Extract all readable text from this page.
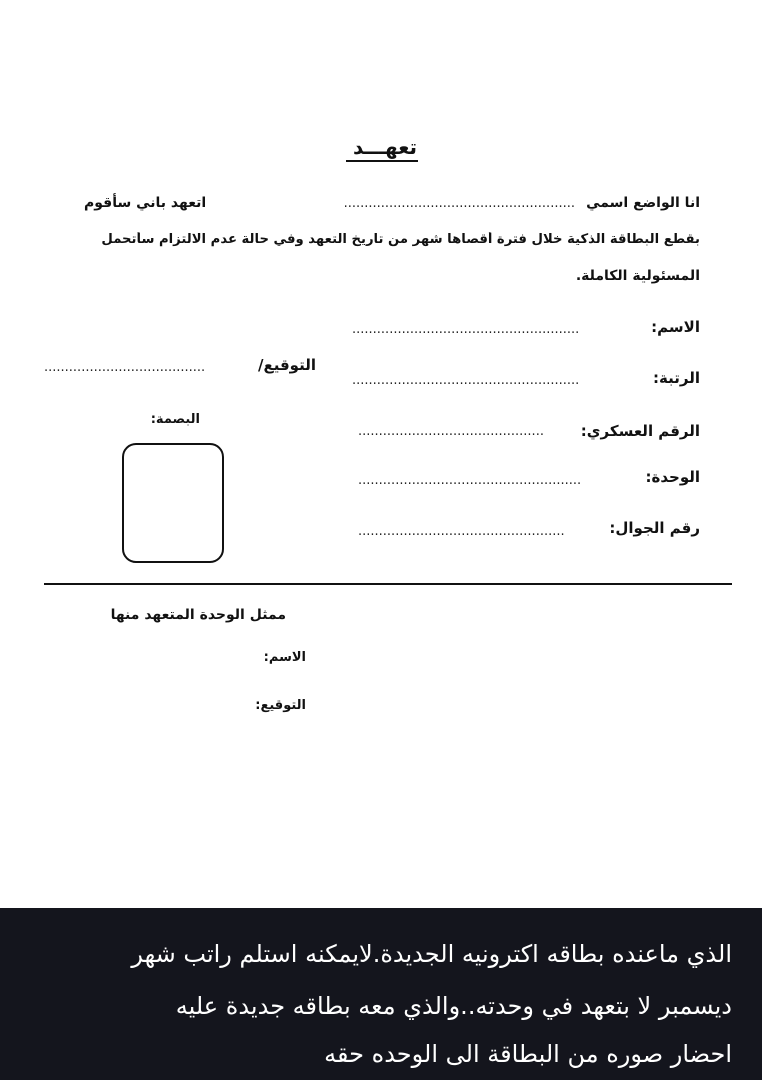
تعهـــد
انا الواضع اسمي
........................................................
اتعهد باني سأقوم
بقطع البطاقة الذكية خلال فترة أقصاها شهر من تاريخ التعهد وفي حالة عدم الالتزام سأتحمل
المسئولية الكاملة.
الاسم:
.......................................................
الرتبة:
.......................................................
الرقم العسكري:
.............................................
الوحدة:
......................................................
رقم الجوال:
..................................................
التوقيع/
.......................................
البصمة:
ممثل الوحدة المتعهد منها
الاسم:
التوقيع:
الذي ماعنده بطاقه اكترونيه الجديدة.لايمكنه استلم راتب شهر
ديسمبر لا بتعهد في وحدته..والذي معه بطاقه جديدة عليه
احضار صوره من البطاقة الى الوحده حقه
